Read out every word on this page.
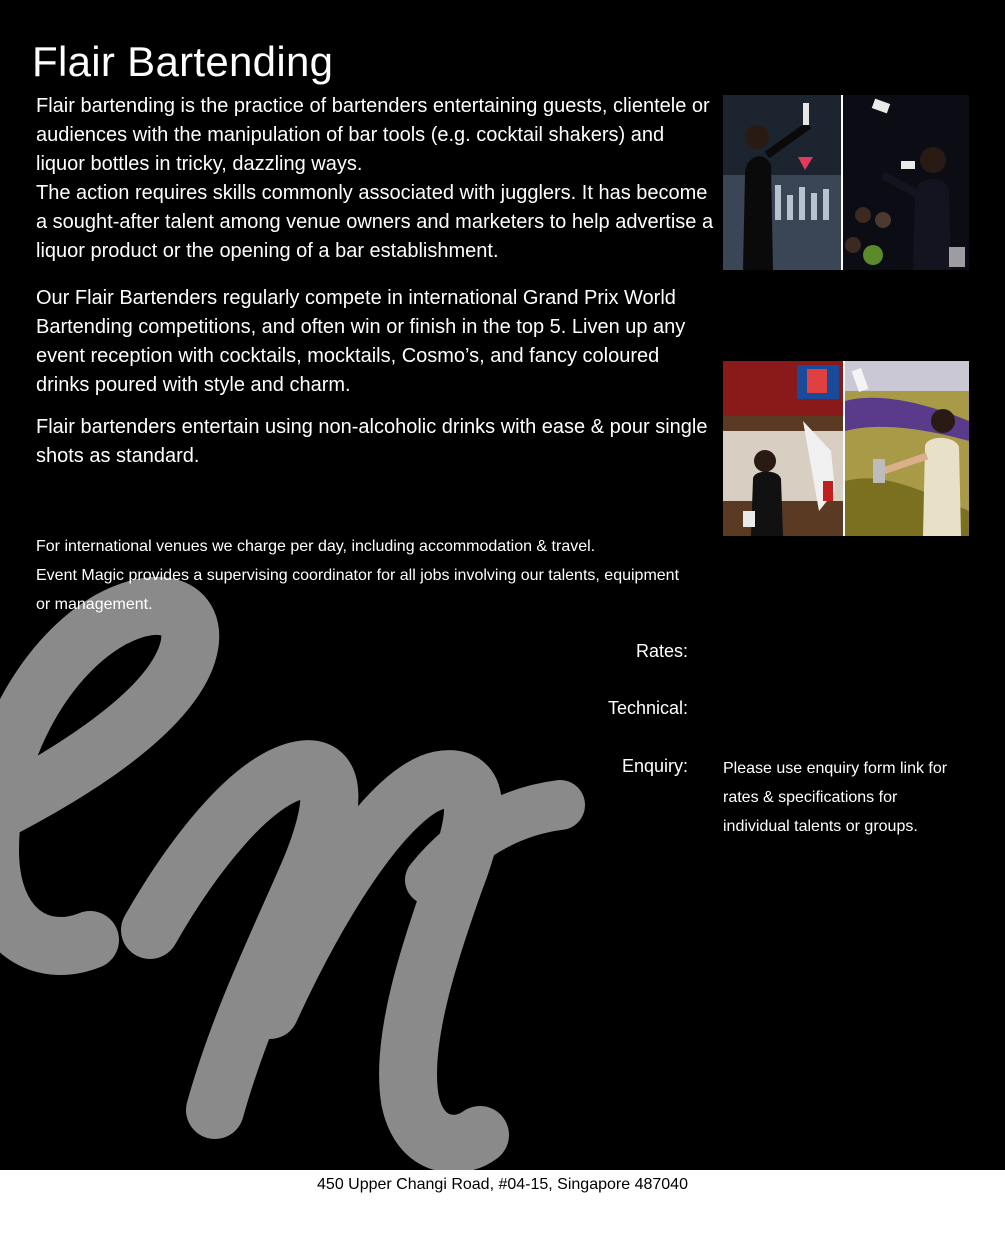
Flair Bartending

Flair bartending is the practice of bartenders entertaining guests, clientele or audiences with the manipulation of bar tools (e.g. cocktail shakers) and liquor bottles in tricky, dazzling ways.

The action requires skills commonly associated with jugglers. It has become a sought-after talent among venue owners and marketers to help advertise a liquor product or the opening of a bar establishment.

Our Flair Bartenders regularly compete in international Grand Prix World Bartending competitions, and often win or finish in the top 5. Liven up any event reception with cocktails, mocktails, Cosmo’s, and fancy coloured drinks poured with style and charm.

Flair bartenders entertain using non-alcoholic drinks with ease & pour single shots as standard.

For international venues we charge per day, including accommodation & travel.

Event Magic provides a supervising coordinator for all jobs involving our talents, equipment or management.

Rates:
Technical:
Enquiry: Please use enquiry form link for rates & specifications for individual talents or groups.
450 Upper Changi Road, #04-15, Singapore 487040
